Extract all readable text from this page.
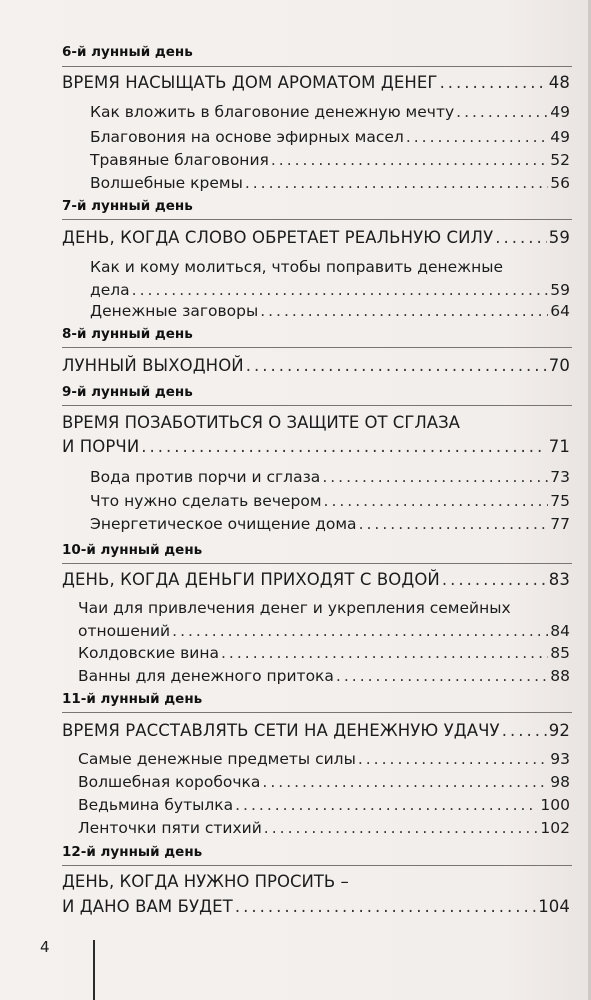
6-й лунный день
ВРЕМЯ НАСЫЩАТЬ ДОМ АРОМАТОМ ДЕНЕГ .....	48
Как вложить в благовоние денежную мечту .....	49
Благовония на основе эфирных масел .....	49
Травяные благовония .....	52
Волшебные кремы .....	56
7-й лунный день
ДЕНЬ, КОГДА СЛОВО ОБРЕТАЕТ РЕАЛЬНУЮ СИЛУ .....	59
Как и кому молиться, чтобы поправить денежные
дела .....	59
Денежные заговоры .....	64
8-й лунный день
ЛУННЫЙ ВЫХОДНОЙ .....	70
9-й лунный день
ВРЕМЯ ПОЗАБОТИТЬСЯ О ЗАЩИТЕ ОТ СГЛАЗА
И ПОРЧИ .....	71
Вода против порчи и сглаза .....	73
Что нужно сделать вечером .....	75
Энергетическое очищение дома .....	77
10-й лунный день
ДЕНЬ, КОГДА ДЕНЬГИ ПРИХОДЯТ С ВОДОЙ .....	83
Чаи для привлечения денег и укрепления семейных
отношений .....	84
Колдовские вина .....	85
Ванны для денежного притока .....	88
11-й лунный день
ВРЕМЯ РАССТАВЛЯТЬ СЕТИ НА ДЕНЕЖНУЮ УДАЧУ .....	92
Самые денежные предметы силы .....	93
Волшебная коробочка .....	98
Ведьмина бутылка .....	100
Ленточки пяти стихий .....	102
12-й лунный день
ДЕНЬ, КОГДА НУЖНО ПРОСИТЬ –
И ДАНО ВАМ БУДЕТ .....	104
4
